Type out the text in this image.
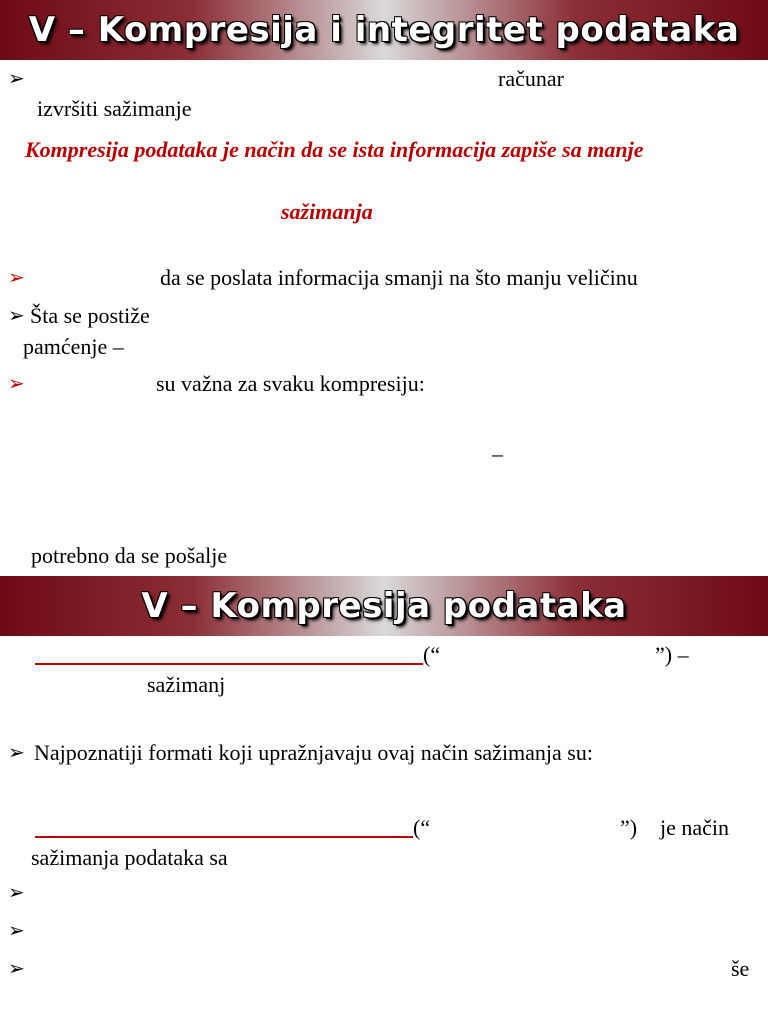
V – Kompresija i integritet podataka
➢	računar
izvršiti sažimanje
Kompresija podataka je način da se ista informacija zapiše sa manje
sažimanja
➢	da se poslata informacija smanji na što manju veličinu
➢ Šta se postiže
pamćenje –
➢	su važna za svaku kompresiju:
–
potrebno da se pošalje
V – Kompresija podataka
(“	”) –
sažimanj
➢ Najpoznatiji formati koji upražnjavaju ovaj način sažimanja su:
(“	”) je način
sažimanja podataka sa
➢
➢
➢	še
